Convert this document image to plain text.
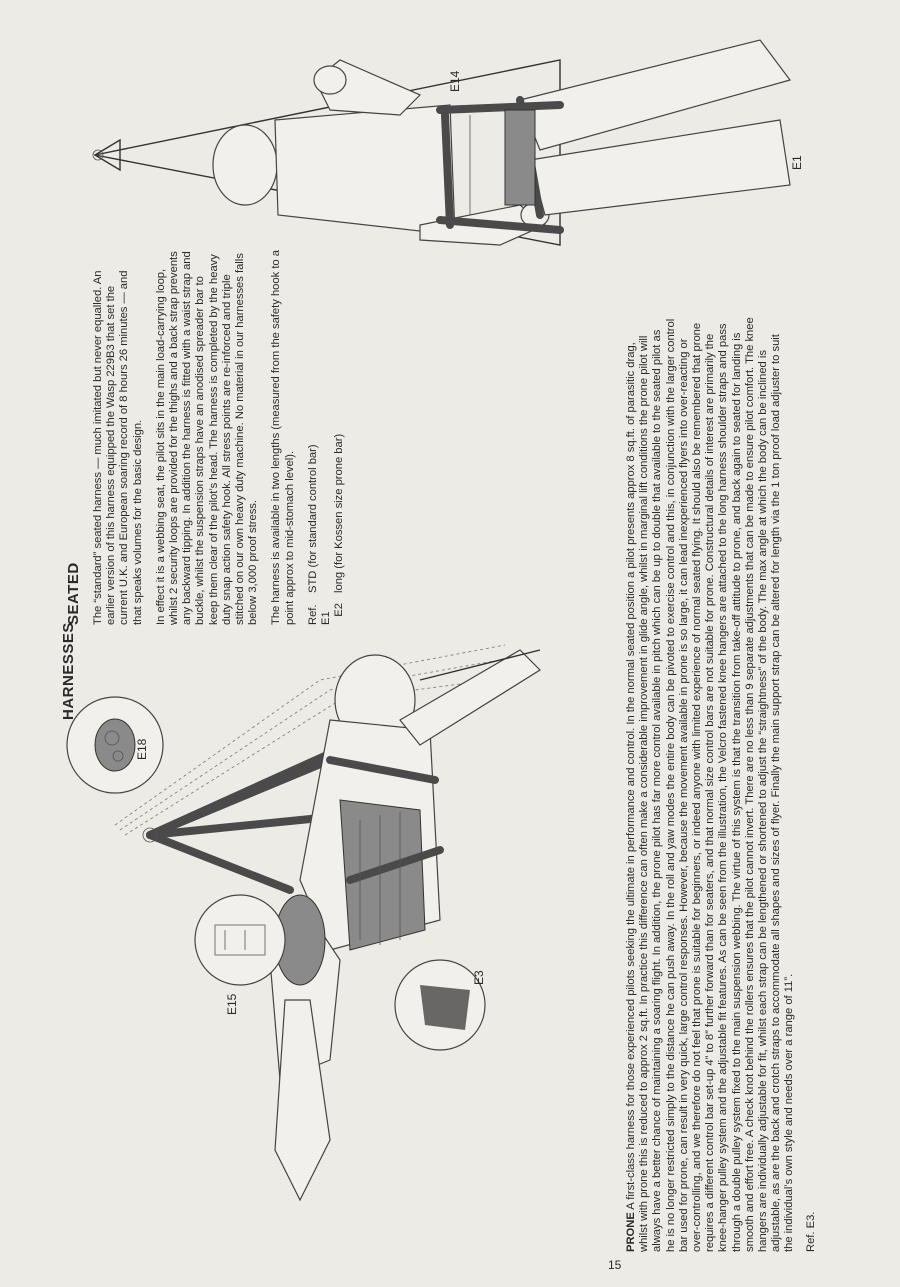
HARNESSES
SEATED The “standard” seated harness — much imitated but never equalled. An earlier version of this harness equipped the Wasp 229B3 that set the current U.K. and European soaring record of 8 hours 26 minutes — and that speaks volumes for the basic design. In effect it is a webbing seat, the pilot sits in the main load-carrying loop, whilst 2 security loops are provided for the thighs and a back strap prevents any backward tipping. In addition the harness is fitted with a waist strap and buckle, whilst the suspension straps have an anodised spreader bar to keep them clear of the pilot’s head. The harness is completed by the heavy duty snap action safety hook. All stress points are re-inforced and triple stitched on our own heavy duty machine. No material in our harnesses falls below 3,000 proof stress. The harness is available in two lengths (measured from the safety hook to a point approx to mid-stomach level). Ref. E1
STD (for standard control bar)
E2
long (for Kossen size prone bar)

PRONE A first-class harness for those experienced pilots seeking the ultimate in performance and control. In the normal seated position a pilot presents approx 8 sq.ft. of parasitic drag, whilst with prone this is reduced to approx 2 sq.ft. In practice this difference can often make a considerable improvement in glide angle, whilst in marginal lift conditions the prone pilot will always have a better chance of maintaining a soaring flight. In addition, the prone pilot has far more control available in pitch which can be up to double that available to the seated pilot as he is no longer restricted simply to the distance he can push away. In the roll and yaw modes the entire body can be pivoted to exercise control and this, in conjunction with the larger control bar used for prone, can result in very quick, large control responses. However, because the movement available in prone is so large, it can lead inexperienced flyers into over-reacting or over-controlling, and we therefore do not feel that prone is suitable for beginners, or indeed anyone with limited experience of normal seated flying. It should also be remembered that prone requires a different control bar set-up 4” to 8” further forward than for seaters, and that normal size control bars are not suitable for prone. Constructural details of interest are primarily the knee-hanger pulley system and the adjustable fit features. As can be seen from the illustration, the Velcro fastened knee hangers are attached to the long harness shoulder straps and pass through a double pulley system fixed to the main suspension webbing. The virtue of this system is that the transition from take-off attitude to prone, and back again to seated for landing is smooth and effort free. A check knot behind the rollers ensures that the pilot cannot invert. There are no less than 9 separate adjustments that can be made to ensure pilot comfort. The knee hangers are individually adjustable for fit, whilst each strap can be lengthened or shortened to adjust the “straightness” of the body. The max angle at which the body can be inclined is adjustable, as are the back and crotch straps to accommodate all shapes and sizes of flyer. Finally the main support strap can be altered for length via the 1 ton proof load adjuster to suit the individual’s own style and needs over a range of 11”. Ref. E3.
E14
E1
E18
E15
E3
15
